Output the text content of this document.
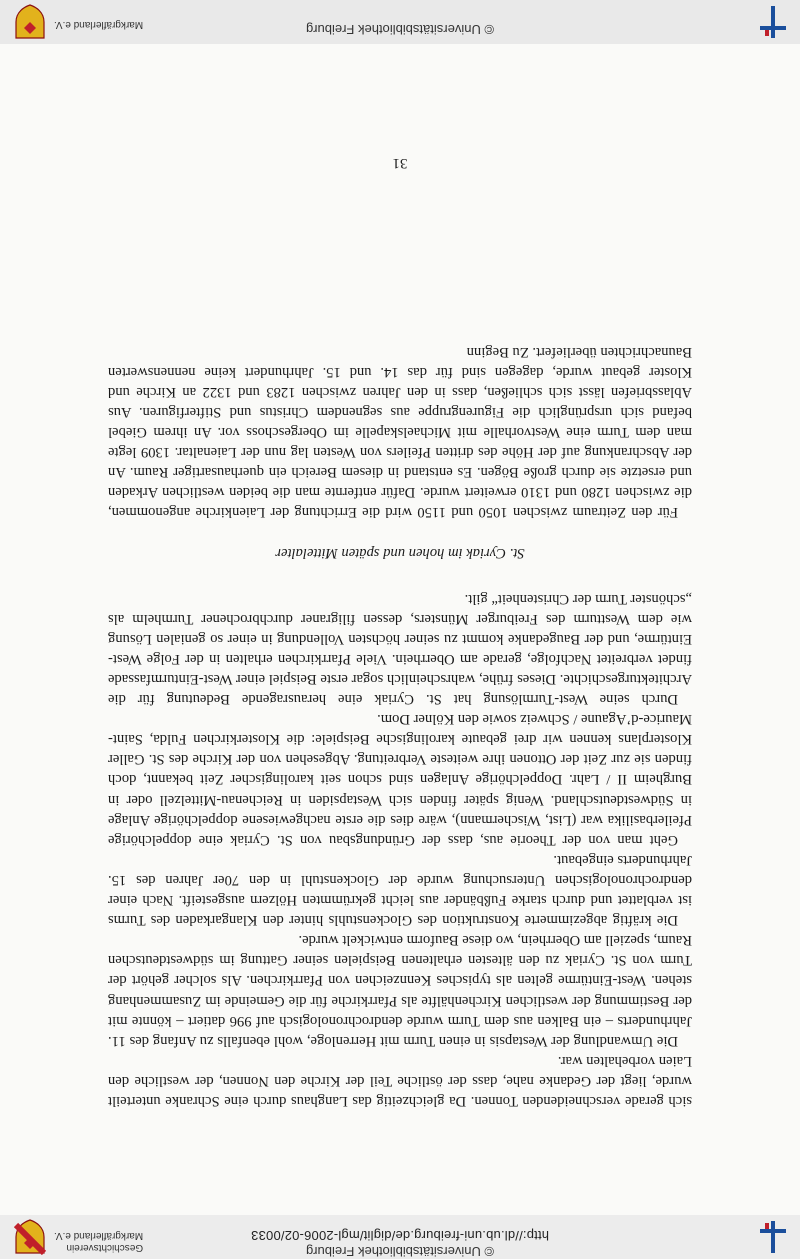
© Universitätsbibliothek Freiburg
http://dl.ub.uni-freiburg.de/diglit/mgl-2006-02/0033
Geschichtsverein
Markgräflerland e.V.

sich gerade verschneidenden Tonnen. Da gleichzeitig das Langhaus durch eine Schranke unterteilt wurde, liegt der Gedanke nahe, dass der östliche Teil der Kirche den Nonnen, der westliche den Laien vorbehalten war.

Die Umwandlung der Westapsis in einen Turm mit Herrenloge, wohl ebenfalls zu Anfang des 11. Jahrhunderts – ein Balken aus dem Turm wurde dendrochronologisch auf 996 datiert – könnte mit der Bestimmung der westlichen Kirchenhälfte als Pfarrkirche für die Gemeinde im Zusammenhang stehen. West-Eintürme gelten als typisches Kennzeichen von Pfarrkirchen. Als solcher gehört der Turm von St. Cyriak zu den ältesten erhaltenen Beispielen seiner Gattung im südwestdeutschen Raum, speziell am Oberrhein, wo diese Bauform entwickelt wurde.

Die kräftig abgezimmerte Konstruktion des Glockenstuhls hinter den Klangarkaden des Turms ist verblattet und durch starke Fußbänder aus leicht gekrümmten Hölzern ausgesteift. Nach einer dendrochronologischen Untersuchung wurde der Glockenstuhl in den 70er Jahren des 15. Jahrhunderts eingebaut.

Geht man von der Theorie aus, dass der Gründungsbau von St. Cyriak eine doppelchörige Pfeilerbasilika war (List, Wischermann), wäre dies die erste nachgewiesene doppelchörige Anlage in Südwestdeutschland. Wenig später finden sich Westapsiden in Reichenau-Mittelzell oder in Burgheim II / Lahr. Doppelchörige Anlagen sind schon seit karolingischer Zeit bekannt, doch finden sie zur Zeit der Ottonen ihre weiteste Verbreitung. Abgesehen von der Kirche des St. Galler Klosterplans kennen wir drei gebaute karolingische Beispiele: die Klosterkirchen Fulda, Saint-Maurice-d’Agaune / Schweiz sowie den Kölner Dom.

Durch seine West-Turmlösung hat St. Cyriak eine herausragende Bedeutung für die Architekturgeschichte. Dieses frühe, wahrscheinlich sogar erste Beispiel einer West-Einturmfassade findet verbreitet Nachfolge, gerade am Oberrhein. Viele Pfarrkirchen erhalten in der Folge West-Eintürme, und der Baugedanke kommt zu seiner höchsten Vollendung in einer so genialen Lösung wie dem Westturm des Freiburger Münsters, dessen filigraner durchbrochener Turmhelm als „schönster Turm der Christenheit“ gilt.

St. Cyriak im hohen und späten Mittelalter

Für den Zeitraum zwischen 1050 und 1150 wird die Errichtung der Laienkirche angenommen, die zwischen 1280 und 1310 erweitert wurde. Dafür entfernte man die beiden westlichen Arkaden und ersetzte sie durch große Bögen. Es entstand in diesem Bereich ein querhausartiger Raum. An der Abschrankung auf der Höhe des dritten Pfeilers von Westen lag nun der Laienaltar. 1309 legte man dem Turm eine Westvorhalle mit Michaelskapelle im Obergeschoss vor. An ihrem Giebel befand sich ursprünglich die Figurengruppe aus segnendem Christus und Stifterfiguren. Aus Ablassbriefen lässt sich schließen, dass in den Jahren zwischen 1283 und 1322 an Kirche und Kloster gebaut wurde, dagegen sind für das 14. und 15. Jahrhundert keine nennenswerten Baunachrichten überliefert. Zu Beginn

31
© Universitätsbibliothek Freiburg
Markgräflerland e.V.
